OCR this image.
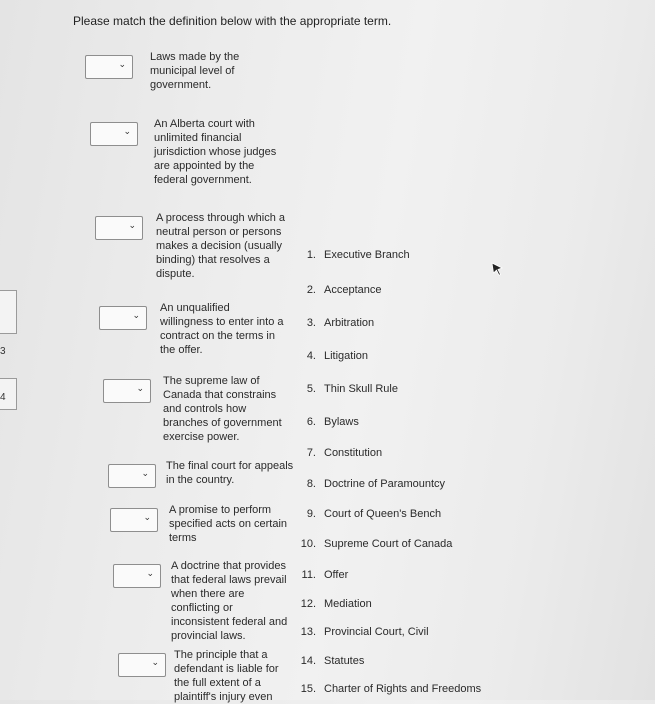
3
4
Please match the definition below with the appropriate term.
⌄
Laws made by the municipal level of government.
⌄
An Alberta court with unlimited financial jurisdiction whose judges are appointed by the federal government.
⌄
A process through which a neutral person or persons makes a decision (usually binding) that resolves a dispute.
⌄
An unqualified willingness to enter into a contract on the terms in the offer.
⌄
The supreme law of Canada that constrains and controls how branches of government exercise power.
⌄
The final court for appeals in the country.
⌄
A promise to perform specified acts on certain terms
⌄
A doctrine that provides that federal laws prevail when there are conflicting or inconsistent federal and provincial laws.
⌄
The principle that a defendant is liable for the full extent of a plaintiff's injury even
1. Executive Branch
2. Acceptance
3. Arbitration
4. Litigation
5. Thin Skull Rule
6. Bylaws
7. Constitution
8. Doctrine of Paramountcy
9. Court of Queen's Bench
10. Supreme Court of Canada
11. Offer
12. Mediation
13. Provincial Court, Civil
14. Statutes
15. Charter of Rights and Freedoms
